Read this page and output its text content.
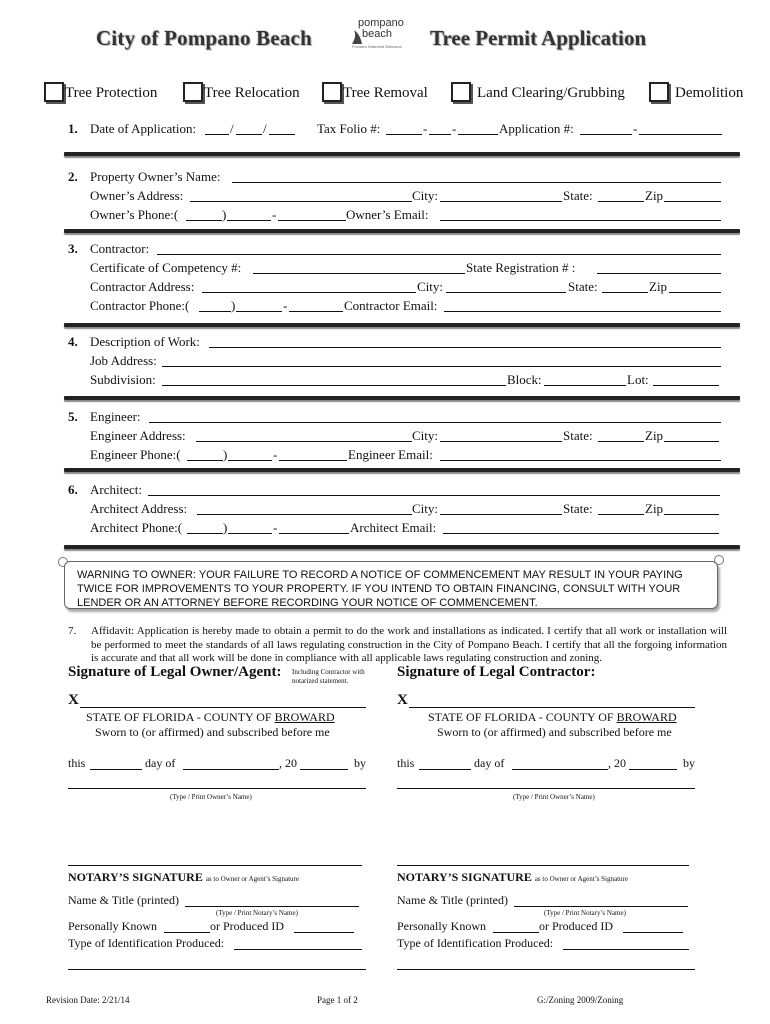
City of Pompano Beach
pompano
beach
Florida's Warmest Welcome Tree Permit Application
Tree Protection	Tree Relocation	Tree Removal	Land Clearing/Grubbing	Demolition
1. Date of Application:	/ /	Tax Folio #:	- -	Application #:	-
2. Property Owner’s Name:
Owner’s Address:	City:	State:	Zip
Owner’s Phone:(	)	-	Owner’s Email:
3. Contractor:
Certificate of Competency #:	State Registration # :
Contractor Address:	City:	State:	Zip
Contractor Phone:(	)	-	Contractor Email:
4. Description of Work:
Job Address:
Subdivision:	Block:	Lot:
5. Engineer:
Engineer Address:	City:	State:	Zip
Engineer Phone:(	)	-	Engineer Email:
6. Architect:
Architect Address:	City:	State:	Zip
Architect Phone:(	)	-	Architect Email:
WARNING TO OWNER: YOUR FAILURE TO RECORD A NOTICE OF COMMENCEMENT MAY RESULT IN YOUR PAYING TWICE FOR IMPROVEMENTS TO YOUR PROPERTY. IF YOU INTEND TO OBTAIN FINANCING, CONSULT WITH YOUR LENDER OR AN ATTORNEY BEFORE RECORDING YOUR NOTICE OF COMMENCEMENT.
7. Affidavit: Application is hereby made to obtain a permit to do the work and installations as indicated. I certify that all work or installation will be performed to meet the standards of all laws regulating construction in the City of Pompano Beach. I certify that all the forgoing information is accurate and that all work will be done in compliance with all applicable laws regulating construction and zoning.
Signature of Legal Owner/Agent: Including Contractor with notarized statement.
Signature of Legal Contractor:
X
STATE OF FLORIDA - COUNTY OF BROWARD
Sworn to (or affirmed) and subscribed before me
this	day of	, 20	by
(Type / Print Owner’s Name)
NOTARY’S SIGNATURE as to Owner or Agent’s Signature
Name & Title (printed)
(Type / Print Notary’s Name)
Personally Known	or Produced ID
Type of Identification Produced:
X
STATE OF FLORIDA - COUNTY OF BROWARD
Sworn to (or affirmed) and subscribed before me
this	day of	, 20	by
(Type / Print Owner’s Name)
NOTARY’S SIGNATURE as to Owner or Agent’s Signature
Name & Title (printed)
(Type / Print Notary’s Name)
Personally Known	or Produced ID
Type of Identification Produced:
Revision Date: 2/21/14	Page 1 of 2	G:/Zoning 2009/Zoning
